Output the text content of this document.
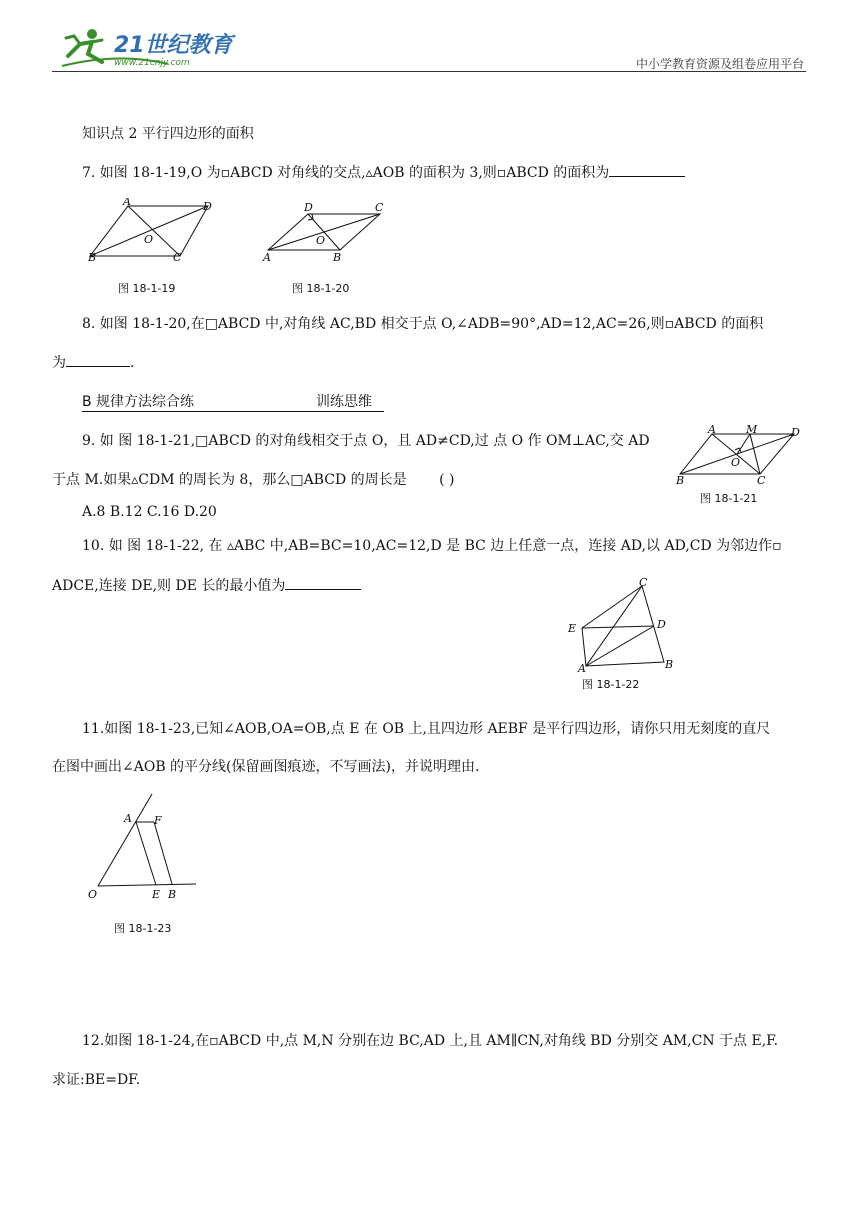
21世纪教育
www.21cnjy.com	中小学教育资源及组卷应用平台
知识点 2 平行四边形的面积
7. 如图 18-1-19,O 为▫ABCD 对角线的交点,▵AOB 的面积为 3,则▫ABCD 的面积为
A	D
O
B	C
图 18-1-19
D	C
O
A	B
图 18-1-20
8. 如图 18-1-20,在□ABCD 中,对角线 AC,BD 相交于点 O,∠ADB=90°,AD=12,AC=26,则▫ABCD 的面积
为	.
B 规律方法综合练	训练思维
9. 如 图 18-1-21,□ABCD 的对角线相交于点 O，且 AD≠CD,过 点 O 作 OM⊥AC,交 AD
于点 M.如果▵CDM 的周长为 8，那么□ABCD 的周长是 ( )
A.8 B.12 C.16 D.20
A	M	D
O
B	C
图 18-1-21
10. 如 图 18-1-22, 在 ▵ABC 中,AB=BC=10,AC=12,D 是 BC 边上任意一点，连接 AD,以 AD,CD 为邻边作▫
ADCE,连接 DE,则 DE 长的最小值为	C
E	D
A	B
图 18-1-22
11.如图 18-1-23,已知∠AOB,OA=OB,点 E 在 OB 上,且四边形 AEBF 是平行四边形，请你只用无刻度的直尺
在图中画出∠AOB 的平分线(保留画图痕迹，不写画法)，并说明理由.
A F
O	E B
图 18-1-23
12.如图 18-1-24,在▫ABCD 中,点 M,N 分别在边 BC,AD 上,且 AM∥CN,对角线 BD 分别交 AM,CN 于点 E,F.
求证:BE=DF.
